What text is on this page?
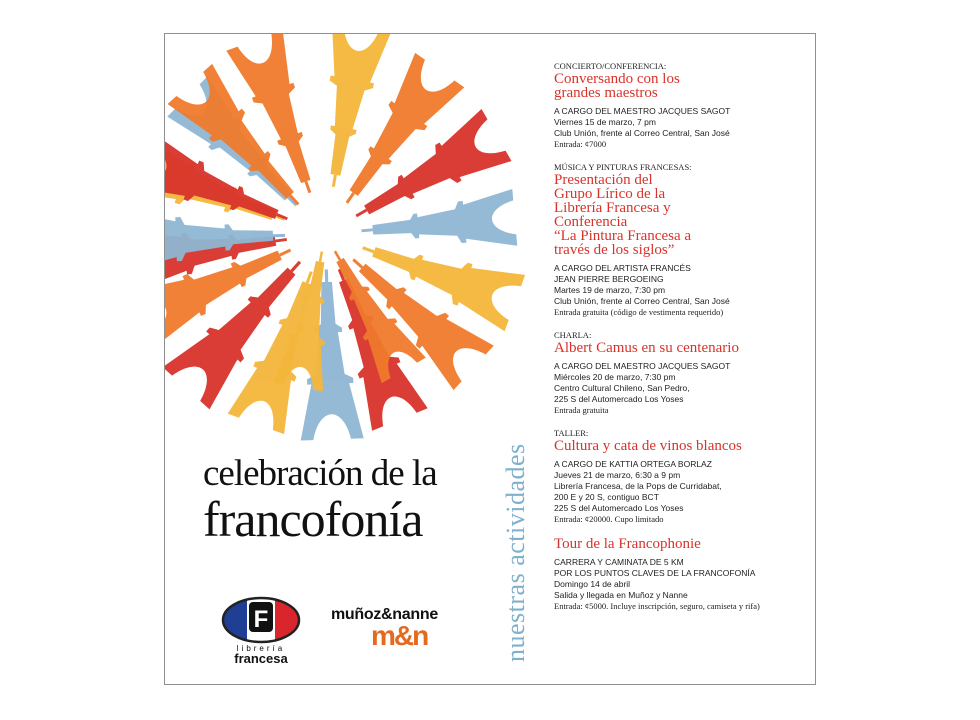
celebración de la
francofonía
F
librería
francesa
muñoz&nanne
m&n	nuestras actividades
CONCIERTO/CONFERENCIA:
Conversando con los
grandes maestros
A CARGO DEL MAESTRO JACQUES SAGOT
Viernes 15 de marzo, 7 pm
Club Unión, frente al Correo Central, San José
Entrada: ¢7000
MÚSICA Y PINTURAS FRANCESAS:
Presentación del
Grupo Lírico de la
Librería Francesa y
Conferencia
“La Pintura Francesa a
través de los siglos”
A CARGO DEL ARTISTA FRANCÉS
JEAN PIERRE BERGOEING
Martes 19 de marzo, 7:30 pm
Club Unión, frente al Correo Central, San José
Entrada gratuita (código de vestimenta requerido)
CHARLA:
Albert Camus en su centenario
A CARGO DEL MAESTRO JACQUES SAGOT
Miércoles 20 de marzo, 7:30 pm
Centro Cultural Chileno, San Pedro,
225 S del Automercado Los Yoses
Entrada gratuita
TALLER:
Cultura y cata de vinos blancos
A CARGO DE KATTIA ORTEGA BORLAZ
Jueves 21 de marzo, 6:30 a 9 pm
Librería Francesa, de la Pops de Curridabat,
200 E y 20 S, contiguo BCT
225 S del Automercado Los Yoses
Entrada: ¢20000. Cupo limitado
Tour de la Francophonie
CARRERA Y CAMINATA DE 5 KM
POR LOS PUNTOS CLAVES DE LA FRANCOFONÍA
Domingo 14 de abril
Salida y llegada en Muñoz y Nanne
Entrada: ¢5000. Incluye inscripción, seguro, camiseta y rifa)
